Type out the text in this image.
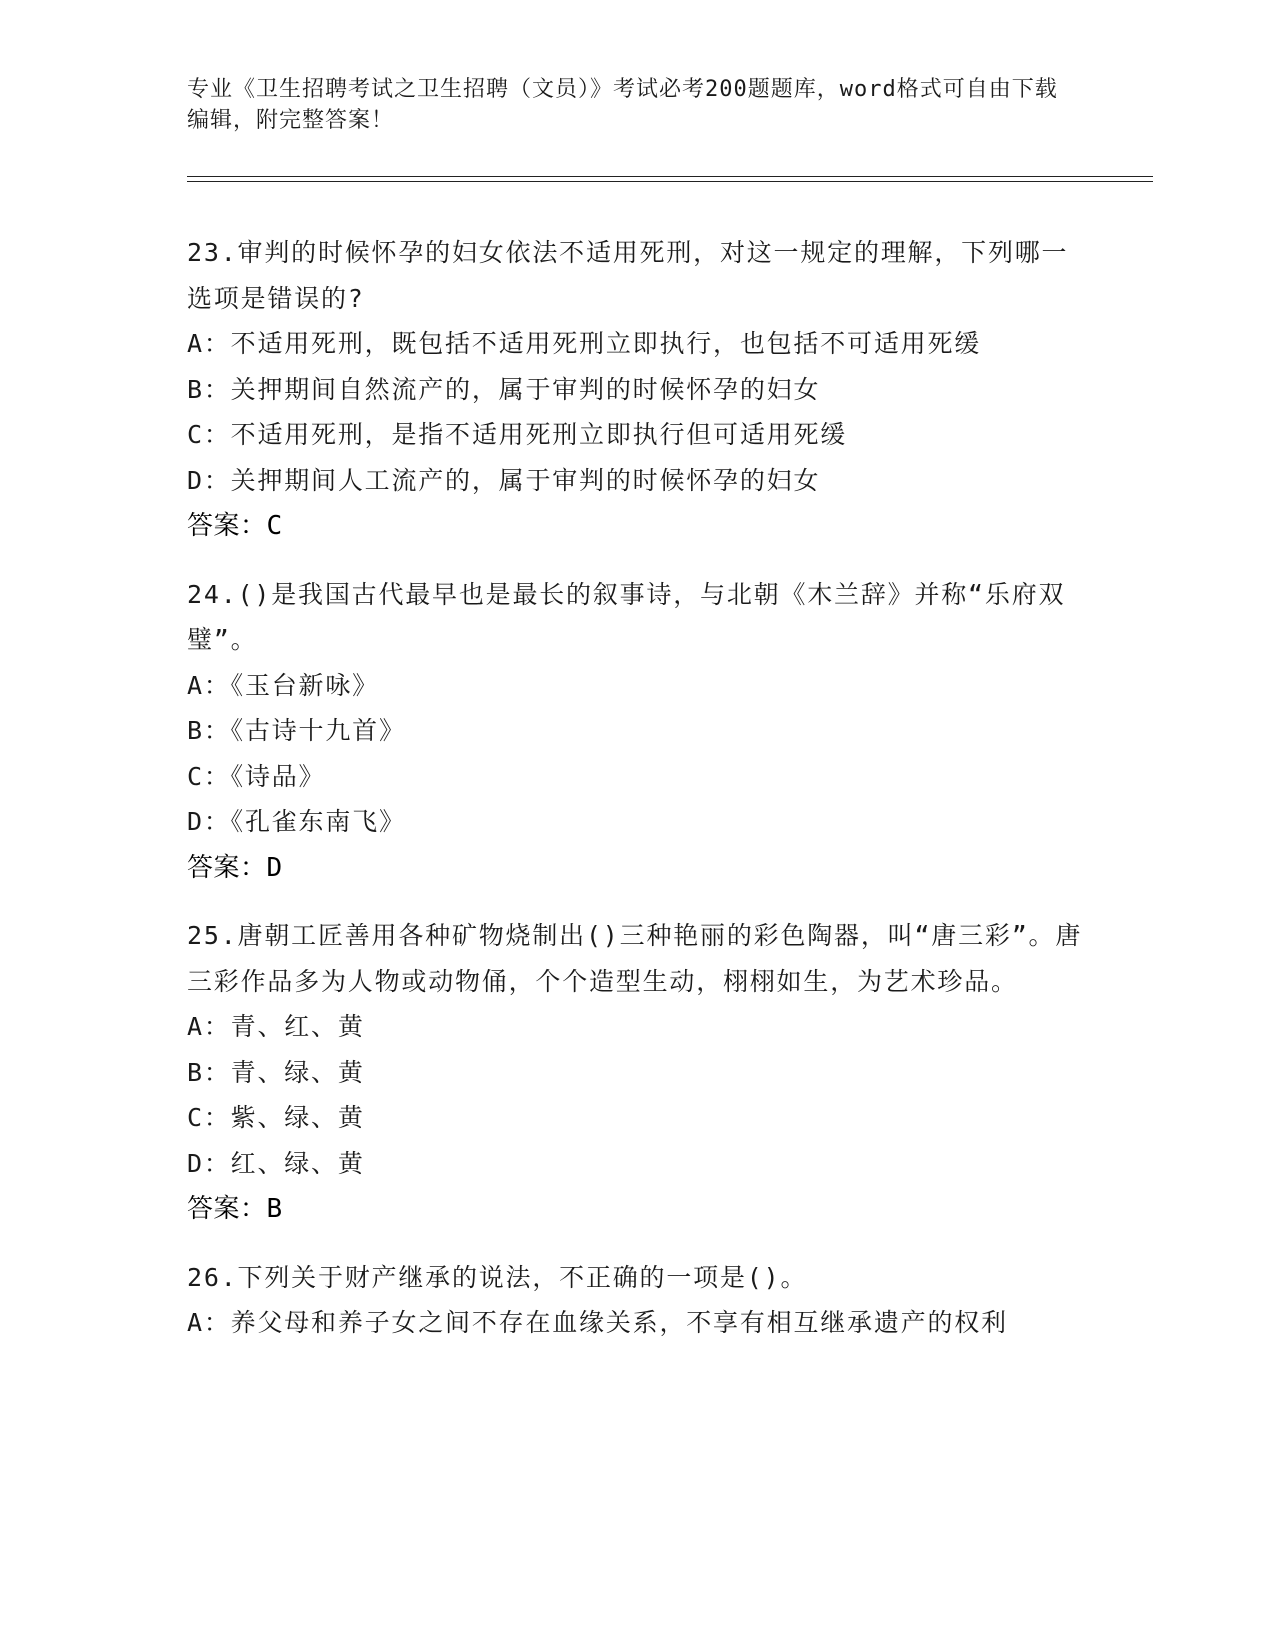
专业《卫生招聘考试之卫生招聘（文员）》考试必考200题题库，word格式可自由下载编辑，附完整答案！
23.审判的时候怀孕的妇女依法不适用死刑，对这一规定的理解，下列哪一选项是错误的?
A：不适用死刑，既包括不适用死刑立即执行，也包括不可适用死缓
B：关押期间自然流产的，属于审判的时候怀孕的妇女
C：不适用死刑，是指不适用死刑立即执行但可适用死缓
D：关押期间人工流产的，属于审判的时候怀孕的妇女
答案：C
24.()是我国古代最早也是最长的叙事诗，与北朝《木兰辞》并称“乐府双璧”。
A：《玉台新咏》
B：《古诗十九首》
C：《诗品》
D：《孔雀东南飞》
答案：D
25.唐朝工匠善用各种矿物烧制出()三种艳丽的彩色陶器，叫“唐三彩”。唐三彩作品多为人物或动物俑，个个造型生动，栩栩如生，为艺术珍品。
A：青、红、黄
B：青、绿、黄
C：紫、绿、黄
D：红、绿、黄
答案：B
26.下列关于财产继承的说法，不正确的一项是()。
A：养父母和养子女之间不存在血缘关系，不享有相互继承遗产的权利
